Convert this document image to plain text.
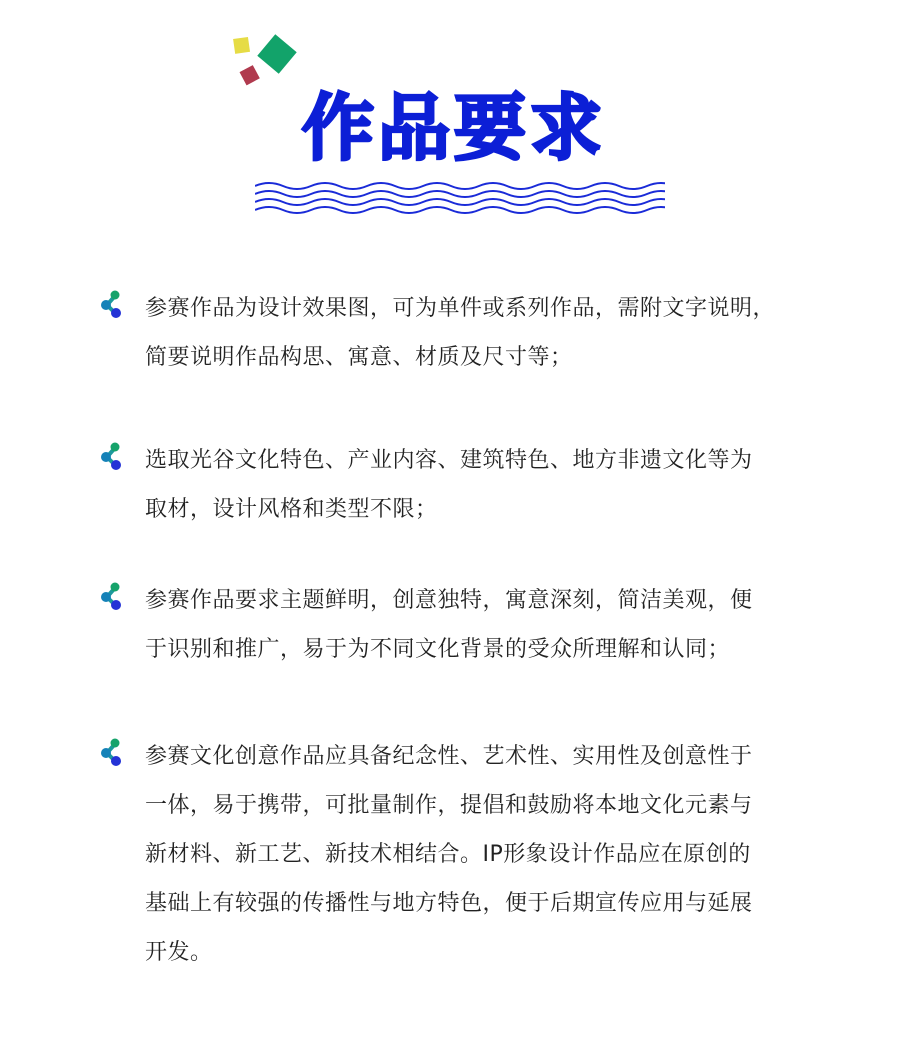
作品要求
参赛作品为设计效果图，可为单件或系列作品，需附文字说明，
简要说明作品构思、寓意、材质及尺寸等；
选取光谷文化特色、产业内容、建筑特色、地方非遗文化等为
取材，设计风格和类型不限；
参赛作品要求主题鲜明，创意独特，寓意深刻，简洁美观，便
于识别和推广，易于为不同文化背景的受众所理解和认同；
参赛文化创意作品应具备纪念性、艺术性、实用性及创意性于
一体，易于携带，可批量制作，提倡和鼓励将本地文化元素与
新材料、新工艺、新技术相结合。IP形象设计作品应在原创的
基础上有较强的传播性与地方特色，便于后期宣传应用与延展
开发。
